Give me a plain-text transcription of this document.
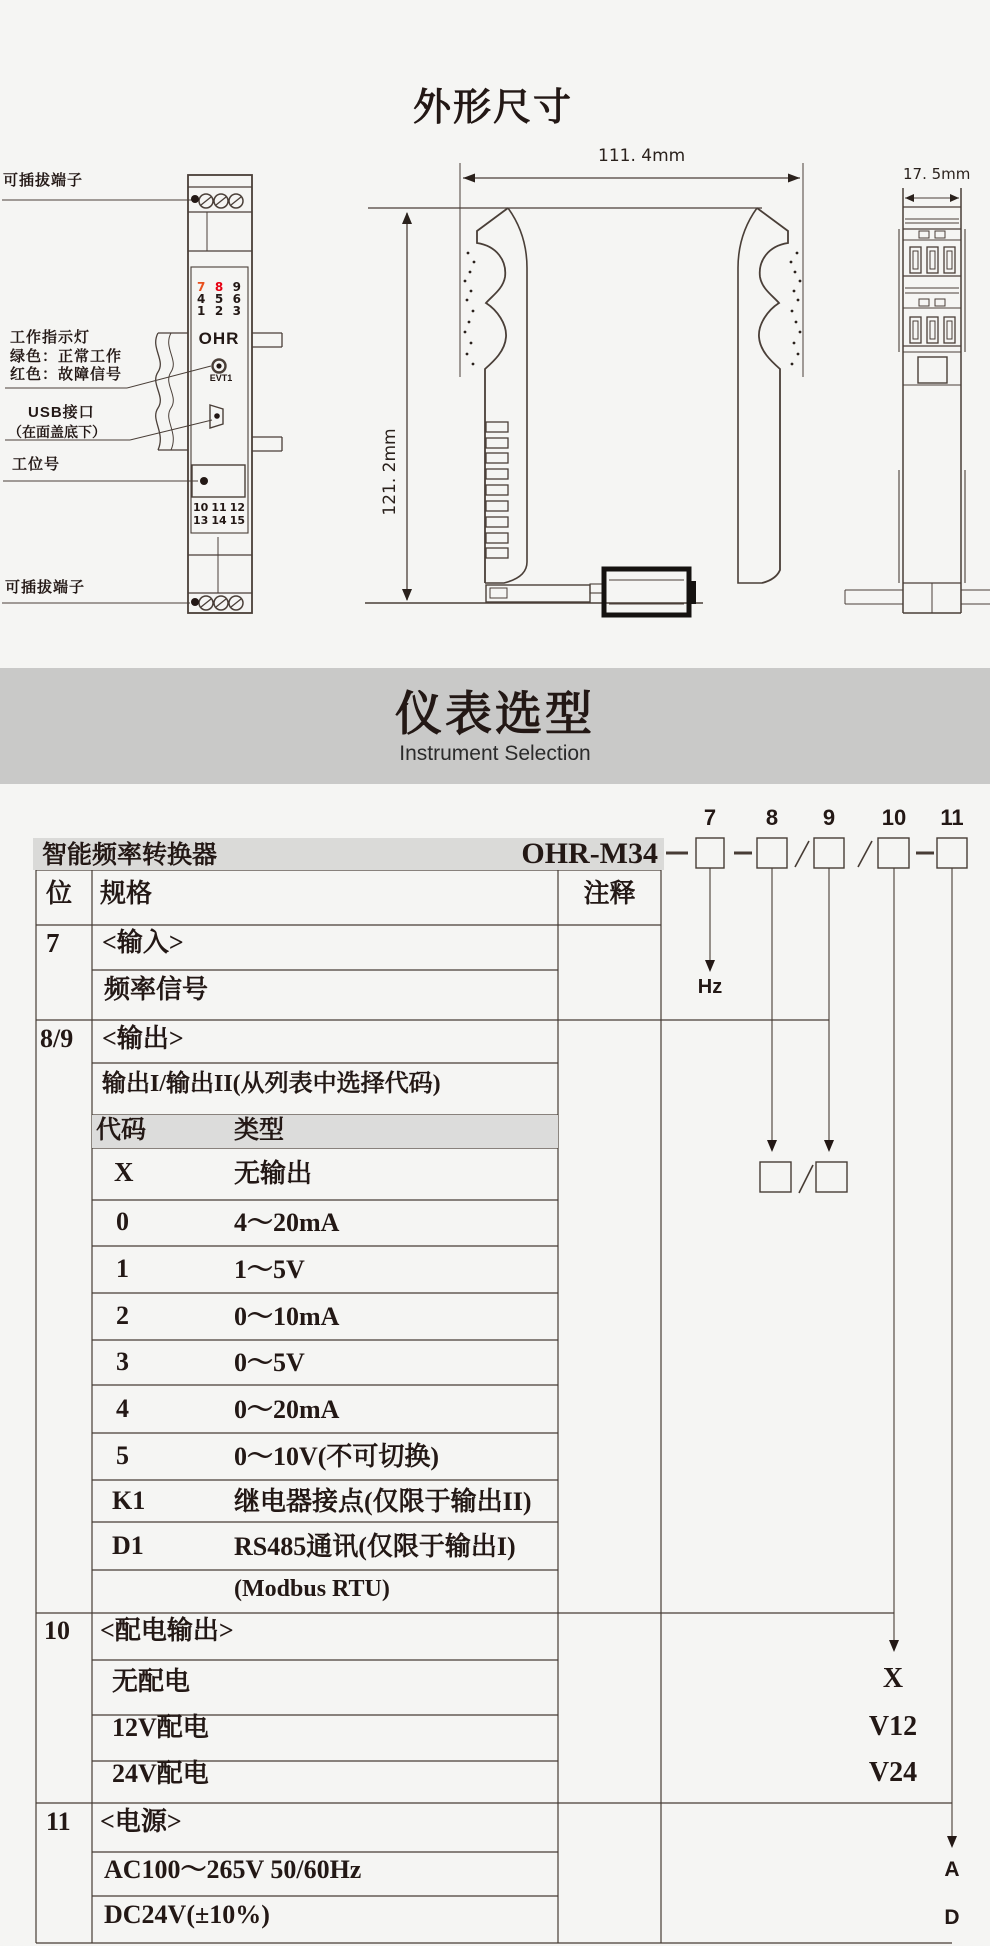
外形尺寸
可插拔端子
工作指示灯
绿色：正常工作
红色：故障信号
USB接口
（在面盖底下）
工位号
可插拔端子
7 8 9
4 5 6
1 2 3
OHR
EVT1
10 11 12
13 14 15
111. 4mm
121. 2mm
17. 5mm
仪表选型
Instrument Selection
智能频率转换器	OHR-M34
7	8	9	10	11
Hz
位 规格	注释
7 <输入>
频率信号
8/9 <输出>
输出I/输出II(从列表中选择代码)
代码	类型
X	无输出
0	4～20mA
1	1～5V
2	0～10mA
3	0～5V
4	0～20mA
5	0～10V(不可切换)
K1	继电器接点(仅限于输出II)
D1	RS485通讯(仅限于输出I)
(Modbus RTU)
10 <配电输出>
无配电
12V配电
24V配电
11 <电源>
AC100～265V 50/60Hz
DC24V(±10%)
X
V12
V24
A
D
